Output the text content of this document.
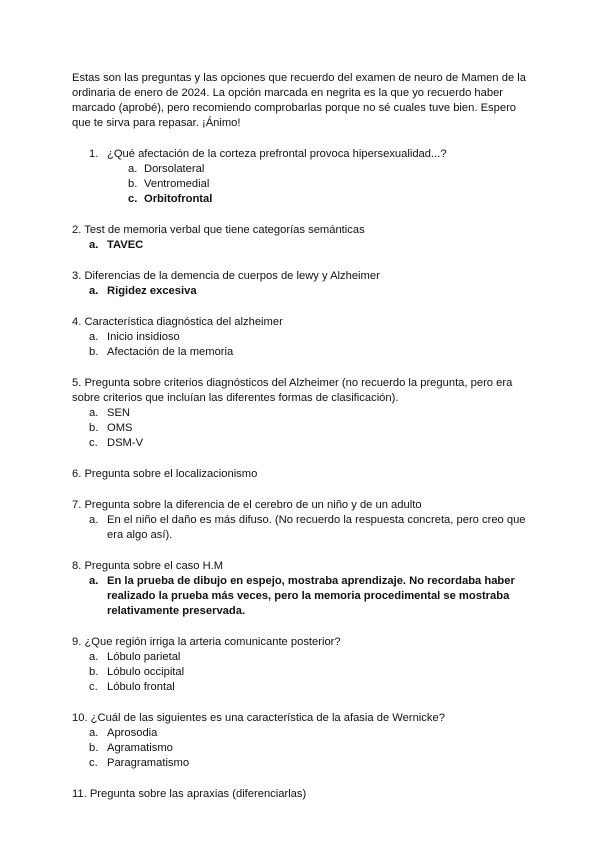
Estas son las preguntas y las opciones que recuerdo del examen de neuro de Mamen de la ordinaria de enero de 2024. La opción marcada en negrita es la que yo recuerdo haber marcado (aprobé), pero recomiendo comprobarlas porque no sé cuales tuve bien. Espero que te sirva para repasar. ¡Ánimo!

1. ¿Qué afectación de la corteza prefrontal provoca hipersexualidad...?
a. Dorsolateral
b. Ventromedial
c. Orbitofrontal

2. Test de memoria verbal que tiene categorías semánticas

a. TAVEC

3. Diferencias de la demencia de cuerpos de lewy y Alzheimer

a. Rigidez excesiva

4. Característica diagnóstica del alzheimer

a. Inicio insidioso
b. Afectación de la memoria

5. Pregunta sobre criterios diagnósticos del Alzheimer (no recuerdo la pregunta, pero era sobre criterios que incluían las diferentes formas de clasificación).

a. SEN
b. OMS
c. DSM-V

6. Pregunta sobre el localizacionismo

7. Pregunta sobre la diferencia de el cerebro de un niño y de un adulto

a. En el niño el daño es más difuso. (No recuerdo la respuesta concreta, pero creo que era algo así).

8. Pregunta sobre el caso H.M

a. En la prueba de dibujo en espejo, mostraba aprendizaje. No recordaba haber realizado la prueba más veces, pero la memoria procedimental se mostraba relativamente preservada.

9. ¿Que región irriga la arteria comunicante posterior?

a. Lóbulo parietal
b. Lóbulo occipital
c. Lóbulo frontal

10. ¿Cuál de las siguientes es una característica de la afasia de Wernicke?

a. Aprosodia
b. Agramatismo
c. Paragramatismo

11. Pregunta sobre las apraxias (diferenciarlas)
